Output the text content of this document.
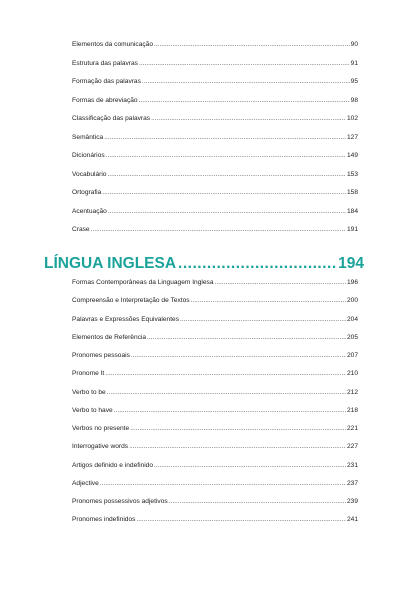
Elementos da comunicação .....	90
Estrutura das palavras .....	91
Formação das palavras .....	95
Formas de abreviação .....	98
Classificação das palavras .....	102
Semântica .....	127
Dicionários .....	149
Vocabulário .....	153
Ortografia .....	158
Acentuação .....	184
Crase .....	191
LÍNGUA INGLESA .....	194
Formas Contemporâneas da Linguagem Inglesa .....	196
Compreensão e Interpretação de Textos .....	200
Palavras e Expressões Equivalentes .....	204
Elementos de Referência .....	205
Pronomes pessoais .....	207
Pronome It .....	210
Verbo to be .....	212
Verbo to have .....	218
Verbos no presente .....	221
Interrogative words .....	227
Artigos definido e indefinido .....	231
Adjective .....	237
Pronomes possessivos adjetivos .....	239
Pronomes indefinidos .....	241
